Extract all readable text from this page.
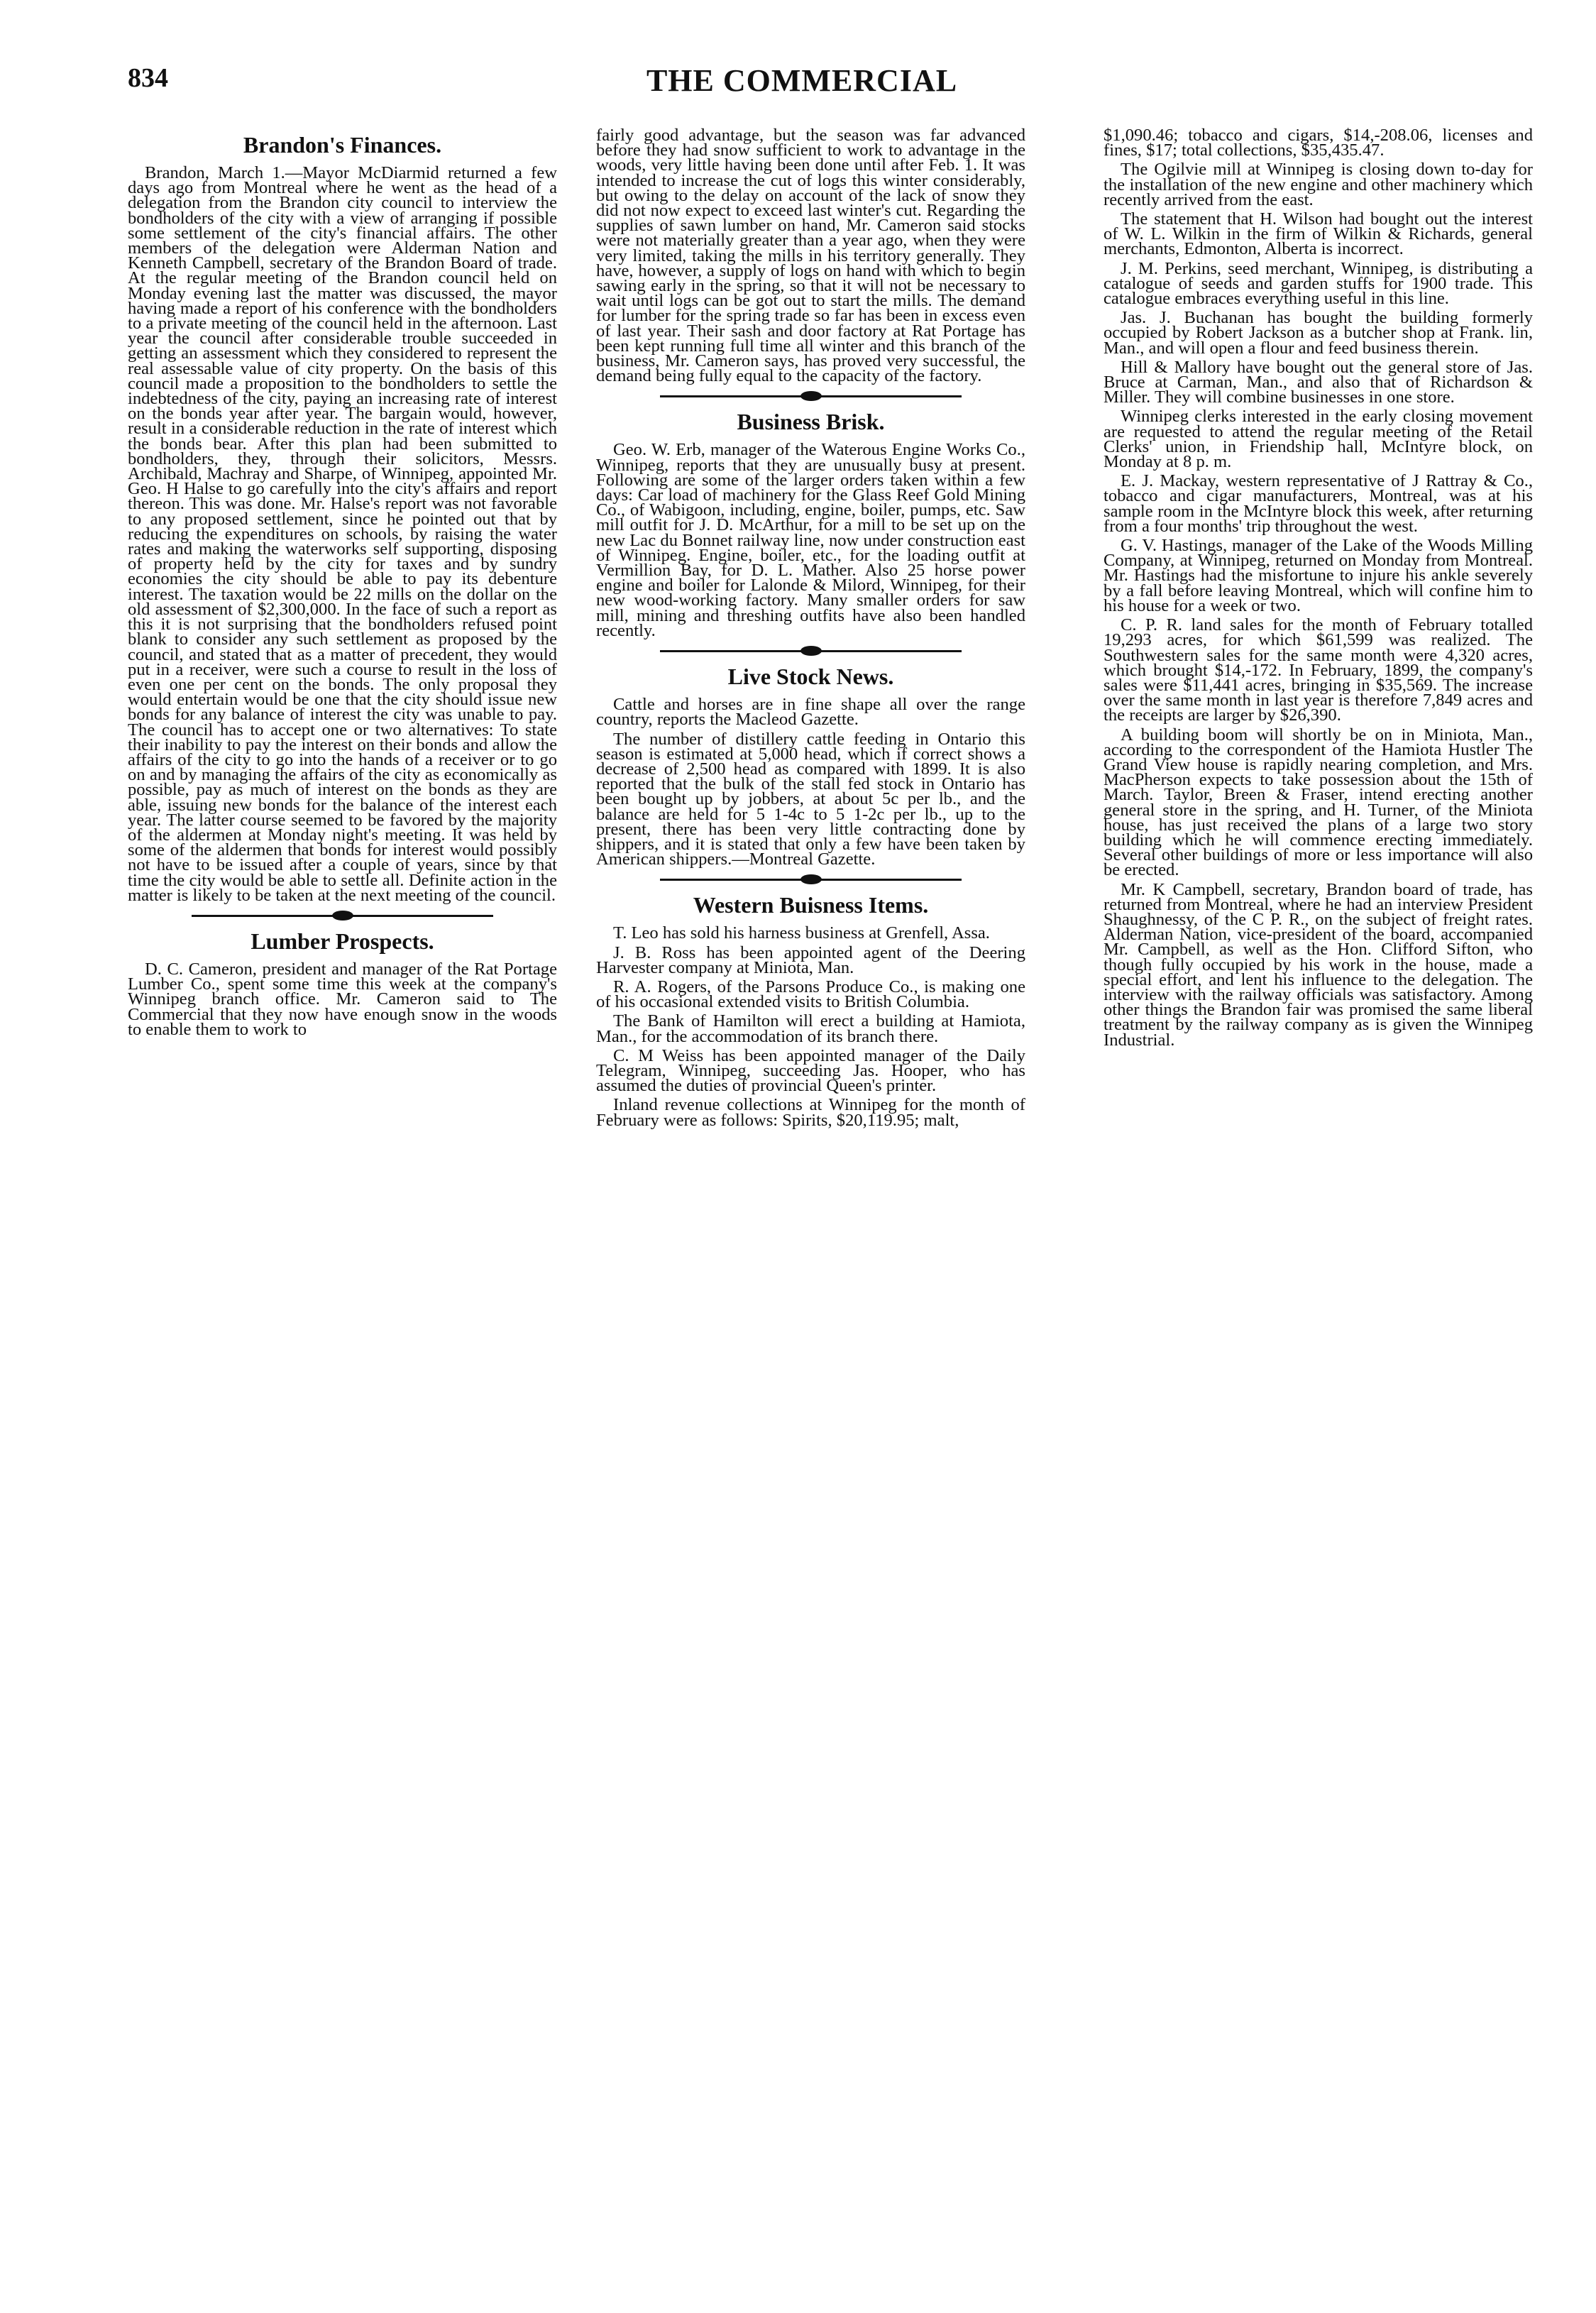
834	THE COMMERCIAL
Brandon's Finances.

Brandon, March 1.—Mayor McDiarmid returned a few days ago from Montreal where he went as the head of a delegation from the Brandon city council to interview the bondholders of the city with a view of arranging if possible some settlement of the city's financial affairs. The other members of the delegation were Alderman Nation and Kenneth Campbell, secretary of the Brandon Board of trade. At the regular meeting of the Brandon council held on Monday evening last the matter was discussed, the mayor having made a report of his conference with the bondholders to a private meeting of the council held in the afternoon. Last year the council after considerable trouble succeeded in getting an assessment which they considered to represent the real assessable value of city property. On the basis of this council made a proposition to the bondholders to settle the indebtedness of the city, paying an increasing rate of interest on the bonds year after year. The bargain would, however, result in a considerable reduction in the rate of interest which the bonds bear. After this plan had been submitted to bondholders, they, through their solicitors, Messrs. Archibald, Machray and Sharpe, of Winnipeg, appointed Mr. Geo. H Halse to go carefully into the city's affairs and report thereon. This was done. Mr. Halse's report was not favorable to any proposed settlement, since he pointed out that by reducing the expenditures on schools, by raising the water rates and making the waterworks self supporting, disposing of property held by the city for taxes and by sundry economies the city should be able to pay its debenture interest. The taxation would be 22 mills on the dollar on the old assessment of $2,300,000. In the face of such a report as this it is not surprising that the bondholders refused point blank to consider any such settlement as proposed by the council, and stated that as a matter of precedent, they would put in a receiver, were such a course to result in the loss of even one per cent on the bonds. The only proposal they would entertain would be one that the city should issue new bonds for any balance of interest the city was unable to pay. The council has to accept one or two alternatives: To state their inability to pay the interest on their bonds and allow the affairs of the city to go into the hands of a receiver or to go on and by managing the affairs of the city as economically as possible, pay as much of interest on the bonds as they are able, issuing new bonds for the balance of the interest each year. The latter course seemed to be favored by the majority of the aldermen at Monday night's meeting. It was held by some of the aldermen that bonds for interest would possibly not have to be issued after a couple of years, since by that time the city would be able to settle all. Definite action in the matter is likely to be taken at the next meeting of the council.

Lumber Prospects.

D. C. Cameron, president and manager of the Rat Portage Lumber Co., spent some time this week at the company's Winnipeg branch office. Mr. Cameron said to The Commercial that they now have enough snow in the woods to enable them to work to

fairly good advantage, but the season was far advanced before they had snow sufficient to work to advantage in the woods, very little having been done until after Feb. 1. It was intended to increase the cut of logs this winter considerably, but owing to the delay on account of the lack of snow they did not now expect to exceed last winter's cut. Regarding the supplies of sawn lumber on hand, Mr. Cameron said stocks were not materially greater than a year ago, when they were very limited, taking the mills in his territory generally. They have, however, a supply of logs on hand with which to begin sawing early in the spring, so that it will not be necessary to wait until logs can be got out to start the mills. The demand for lumber for the spring trade so far has been in excess even of last year. Their sash and door factory at Rat Portage has been kept running full time all winter and this branch of the business, Mr. Cameron says, has proved very successful, the demand being fully equal to the capacity of the factory.

Business Brisk.

Geo. W. Erb, manager of the Waterous Engine Works Co., Winnipeg, reports that they are unusually busy at present. Following are some of the larger orders taken within a few days: Car load of machinery for the Glass Reef Gold Mining Co., of Wabigoon, including, engine, boiler, pumps, etc. Saw mill outfit for J. D. McArthur, for a mill to be set up on the new Lac du Bonnet railway line, now under construction east of Winnipeg. Engine, boiler, etc., for the loading outfit at Vermillion Bay, for D. L. Mather. Also 25 horse power engine and boiler for Lalonde & Milord, Winnipeg, for their new wood-working factory. Many smaller orders for saw mill, mining and threshing outfits have also been handled recently.

Live Stock News.

Cattle and horses are in fine shape all over the range country, reports the Macleod Gazette.

The number of distillery cattle feeding in Ontario this season is estimated at 5,000 head, which if correct shows a decrease of 2,500 head as compared with 1899. It is also reported that the bulk of the stall fed stock in Ontario has been bought up by jobbers, at about 5c per lb., and the balance are held for 5 1-4c to 5 1-2c per lb., up to the present, there has been very little contracting done by shippers, and it is stated that only a few have been taken by American shippers.—Montreal Gazette.

Western Buisness Items.

T. Leo has sold his harness business at Grenfell, Assa.

J. B. Ross has been appointed agent of the Deering Harvester company at Miniota, Man.

R. A. Rogers, of the Parsons Produce Co., is making one of his occasional extended visits to British Columbia.

The Bank of Hamilton will erect a building at Hamiota, Man., for the accommodation of its branch there.

C. M Weiss has been appointed manager of the Daily Telegram, Winnipeg, succeeding Jas. Hooper, who has assumed the duties of provincial Queen's printer.

Inland revenue collections at Winnipeg for the month of February were as follows: Spirits, $20,119.95; malt,

$1,090.46; tobacco and cigars, $14,-208.06, licenses and fines, $17; total collections, $35,435.47.

The Ogilvie mill at Winnipeg is closing down to-day for the installation of the new engine and other machinery which recently arrived from the east.

The statement that H. Wilson had bought out the interest of W. L. Wilkin in the firm of Wilkin & Richards, general merchants, Edmonton, Alberta is incorrect.

J. M. Perkins, seed merchant, Winnipeg, is distributing a catalogue of seeds and garden stuffs for 1900 trade. This catalogue embraces everything useful in this line.

Jas. J. Buchanan has bought the building formerly occupied by Robert Jackson as a butcher shop at Frank. lin, Man., and will open a flour and feed business therein.

Hill & Mallory have bought out the general store of Jas. Bruce at Carman, Man., and also that of Richardson & Miller. They will combine businesses in one store.

Winnipeg clerks interested in the early closing movement are requested to attend the regular meeting of the Retail Clerks' union, in Friendship hall, McIntyre block, on Monday at 8 p. m.

E. J. Mackay, western representative of J Rattray & Co., tobacco and cigar manufacturers, Montreal, was at his sample room in the McIntyre block this week, after returning from a four months' trip throughout the west.

G. V. Hastings, manager of the Lake of the Woods Milling Company, at Winnipeg, returned on Monday from Montreal. Mr. Hastings had the misfortune to injure his ankle severely by a fall before leaving Montreal, which will confine him to his house for a week or two.

C. P. R. land sales for the month of February totalled 19,293 acres, for which $61,599 was realized. The Southwestern sales for the same month were 4,320 acres, which brought $14,-172. In February, 1899, the company's sales were $11,441 acres, bringing in $35,569. The increase over the same month in last year is therefore 7,849 acres and the receipts are larger by $26,390.

A building boom will shortly be on in Miniota, Man., according to the correspondent of the Hamiota Hustler The Grand View house is rapidly nearing completion, and Mrs. MacPherson expects to take possession about the 15th of March. Taylor, Breen & Fraser, intend erecting another general store in the spring, and H. Turner, of the Miniota house, has just received the plans of a large two story building which he will commence erecting immediately. Several other buildings of more or less importance will also be erected.

Mr. K Campbell, secretary, Brandon board of trade, has returned from Montreal, where he had an interview President Shaughnessy, of the C P. R., on the subject of freight rates. Alderman Nation, vice-president of the board, accompanied Mr. Campbell, as well as the Hon. Clifford Sifton, who though fully occupied by his work in the house, made a special effort, and lent his influence to the delegation. The interview with the railway officials was satisfactory. Among other things the Brandon fair was promised the same liberal treatment by the railway company as is given the Winnipeg Industrial.
